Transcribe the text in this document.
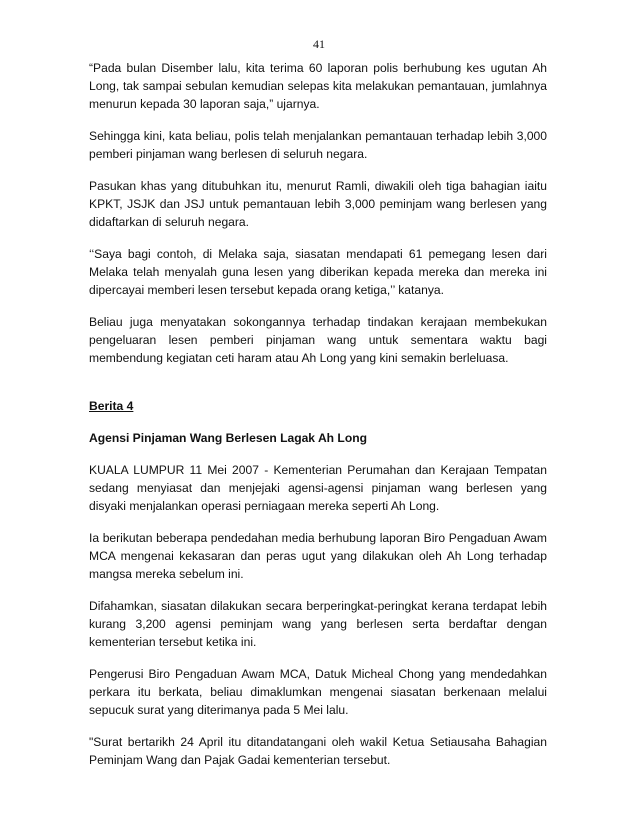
41

“Pada bulan Disember lalu, kita terima 60 laporan polis berhubung kes ugutan Ah Long, tak sampai sebulan kemudian selepas kita melakukan pemantauan, jumlahnya menurun kepada 30 laporan saja,” ujarnya.

Sehingga kini, kata beliau, polis telah menjalankan pemantauan terhadap lebih 3,000 pemberi pinjaman wang berlesen di seluruh negara.

Pasukan khas yang ditubuhkan itu, menurut Ramli, diwakili oleh tiga bahagian iaitu KPKT, JSJK dan JSJ untuk pemantauan lebih 3,000 peminjam wang berlesen yang didaftarkan di seluruh negara.

‘‘Saya bagi contoh, di Melaka saja, siasatan mendapati 61 pemegang lesen dari Melaka telah menyalah guna lesen yang diberikan kepada mereka dan mereka ini dipercayai memberi lesen tersebut kepada orang ketiga,’’ katanya.

Beliau juga menyatakan sokongannya terhadap tindakan kerajaan membekukan pengeluaran lesen pemberi pinjaman wang untuk sementara waktu bagi membendung kegiatan ceti haram atau Ah Long yang kini semakin berleluasa.

Berita 4

Agensi Pinjaman Wang Berlesen Lagak Ah Long

KUALA LUMPUR 11 Mei 2007 - Kementerian Perumahan dan Kerajaan Tempatan sedang menyiasat dan menjejaki agensi-agensi pinjaman wang berlesen yang disyaki menjalankan operasi perniagaan mereka seperti Ah Long.

Ia berikutan beberapa pendedahan media berhubung laporan Biro Pengaduan Awam MCA mengenai kekasaran dan peras ugut yang dilakukan oleh Ah Long terhadap mangsa mereka sebelum ini.

Difahamkan, siasatan dilakukan secara berperingkat-peringkat kerana terdapat lebih kurang 3,200 agensi peminjam wang yang berlesen serta berdaftar dengan kementerian tersebut ketika ini.

Pengerusi Biro Pengaduan Awam MCA, Datuk Micheal Chong yang mendedahkan perkara itu berkata, beliau dimaklumkan mengenai siasatan berkenaan melalui sepucuk surat yang diterimanya pada 5 Mei lalu.

"Surat bertarikh 24 April itu ditandatangani oleh wakil Ketua Setiausaha Bahagian Peminjam Wang dan Pajak Gadai kementerian tersebut.
